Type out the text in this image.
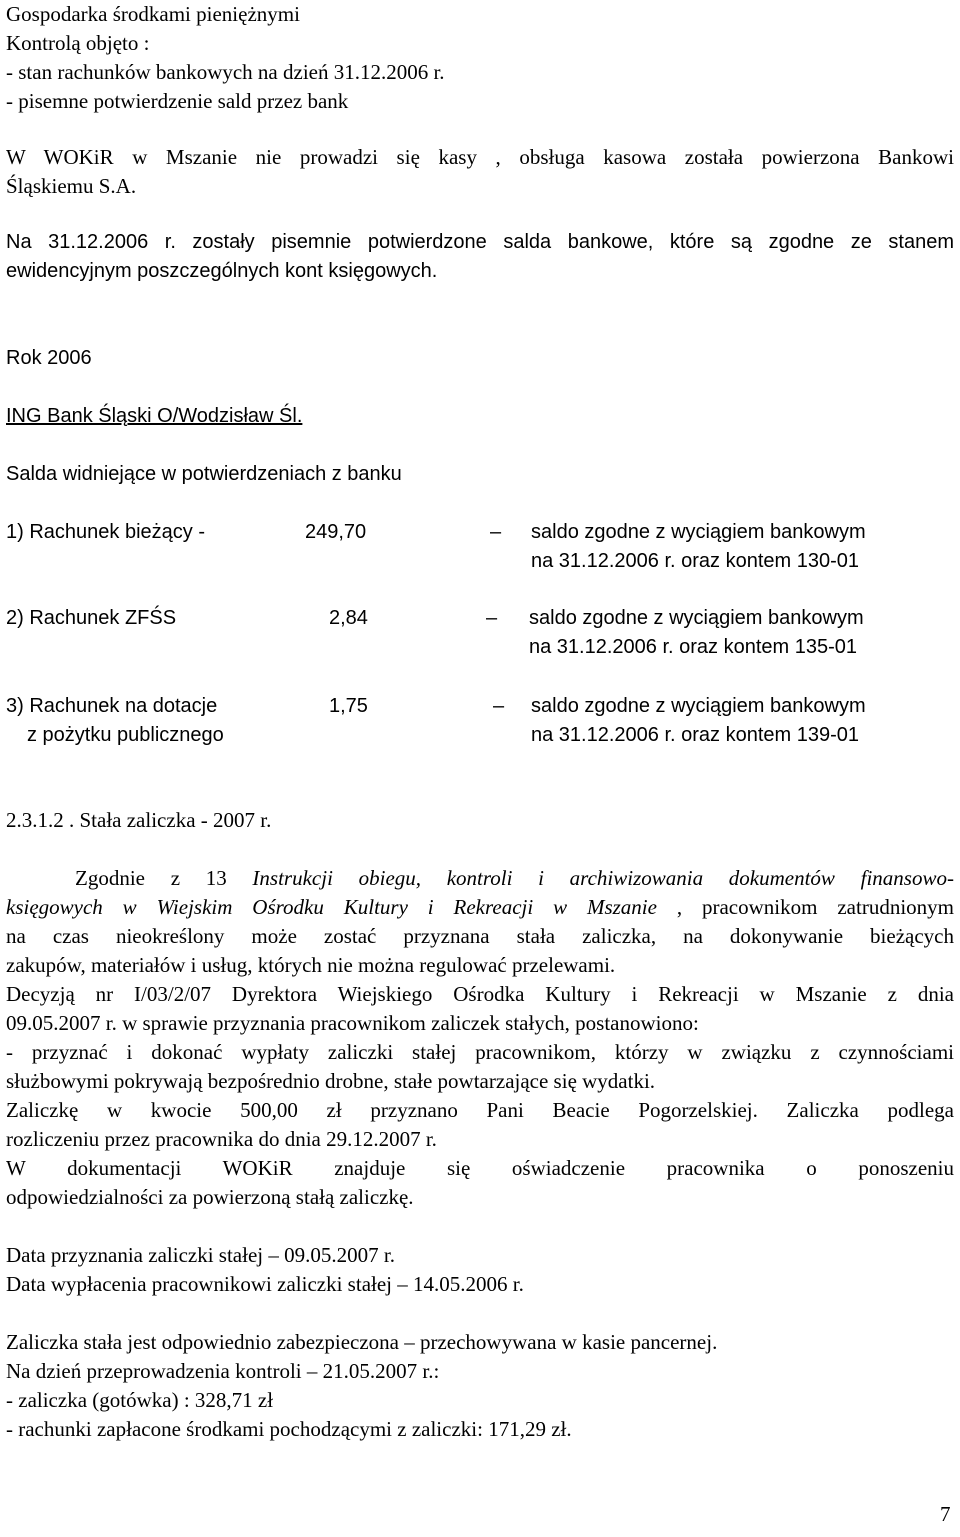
Gospodarka środkami pieniężnymi
Kontrolą objęto :
- stan rachunków bankowych na dzień 31.12.2006 r.
- pisemne potwierdzenie sald przez bank
W WOKiR w Mszanie nie prowadzi się kasy , obsługa kasowa została powierzona Bankowi
Śląskiemu S.A.
Na 31.12.2006 r. zostały pisemnie potwierdzone salda bankowe, które są zgodne ze stanem
ewidencyjnym poszczególnych kont księgowych.
Rok 2006
ING Bank Śląski O/Wodzisław Śl.
Salda widniejące w potwierdzeniach z banku
1) Rachunek bieżący -	249,70	– saldo zgodne z wyciągiem bankowym
na 31.12.2006 r. oraz kontem 130-01
2) Rachunek ZFŚS	2,84	– saldo zgodne z wyciągiem bankowym
na 31.12.2006 r. oraz kontem 135-01
3) Rachunek na dotacje
z pożytku publicznego
1,75	– saldo zgodne z wyciągiem bankowym
na 31.12.2006 r. oraz kontem 139-01
2.3.1.2 . Stała zaliczka - 2007 r.
Zgodnie z 13 Instrukcji obiegu, kontroli i archiwizowania dokumentów finansowo-
księgowych w Wiejskim Ośrodku Kultury i Rekreacji w Mszanie , pracownikom zatrudnionym
na czas nieokreślony może zostać przyznana stała zaliczka, na dokonywanie bieżących
zakupów, materiałów i usług, których nie można regulować przelewami.
Decyzją nr I/03/2/07 Dyrektora Wiejskiego Ośrodka Kultury i Rekreacji w Mszanie z dnia
09.05.2007 r. w sprawie przyznania pracownikom zaliczek stałych, postanowiono:
- przyznać i dokonać wypłaty zaliczki stałej pracownikom, którzy w związku z czynnościami
służbowymi pokrywają bezpośrednio drobne, stałe powtarzające się wydatki.
Zaliczkę w kwocie 500,00 zł przyznano Pani Beacie Pogorzelskiej. Zaliczka podlega
rozliczeniu przez pracownika do dnia 29.12.2007 r.
W dokumentacji WOKiR znajduje się oświadczenie pracownika o ponoszeniu
odpowiedzialności za powierzoną stałą zaliczkę.
Data przyznania zaliczki stałej – 09.05.2007 r.
Data wypłacenia pracownikowi zaliczki stałej – 14.05.2006 r.
Zaliczka stała jest odpowiednio zabezpieczona – przechowywana w kasie pancernej.
Na dzień przeprowadzenia kontroli – 21.05.2007 r.:
- zaliczka (gotówka) : 328,71 zł
- rachunki zapłacone środkami pochodzącymi z zaliczki: 171,29 zł.
7
